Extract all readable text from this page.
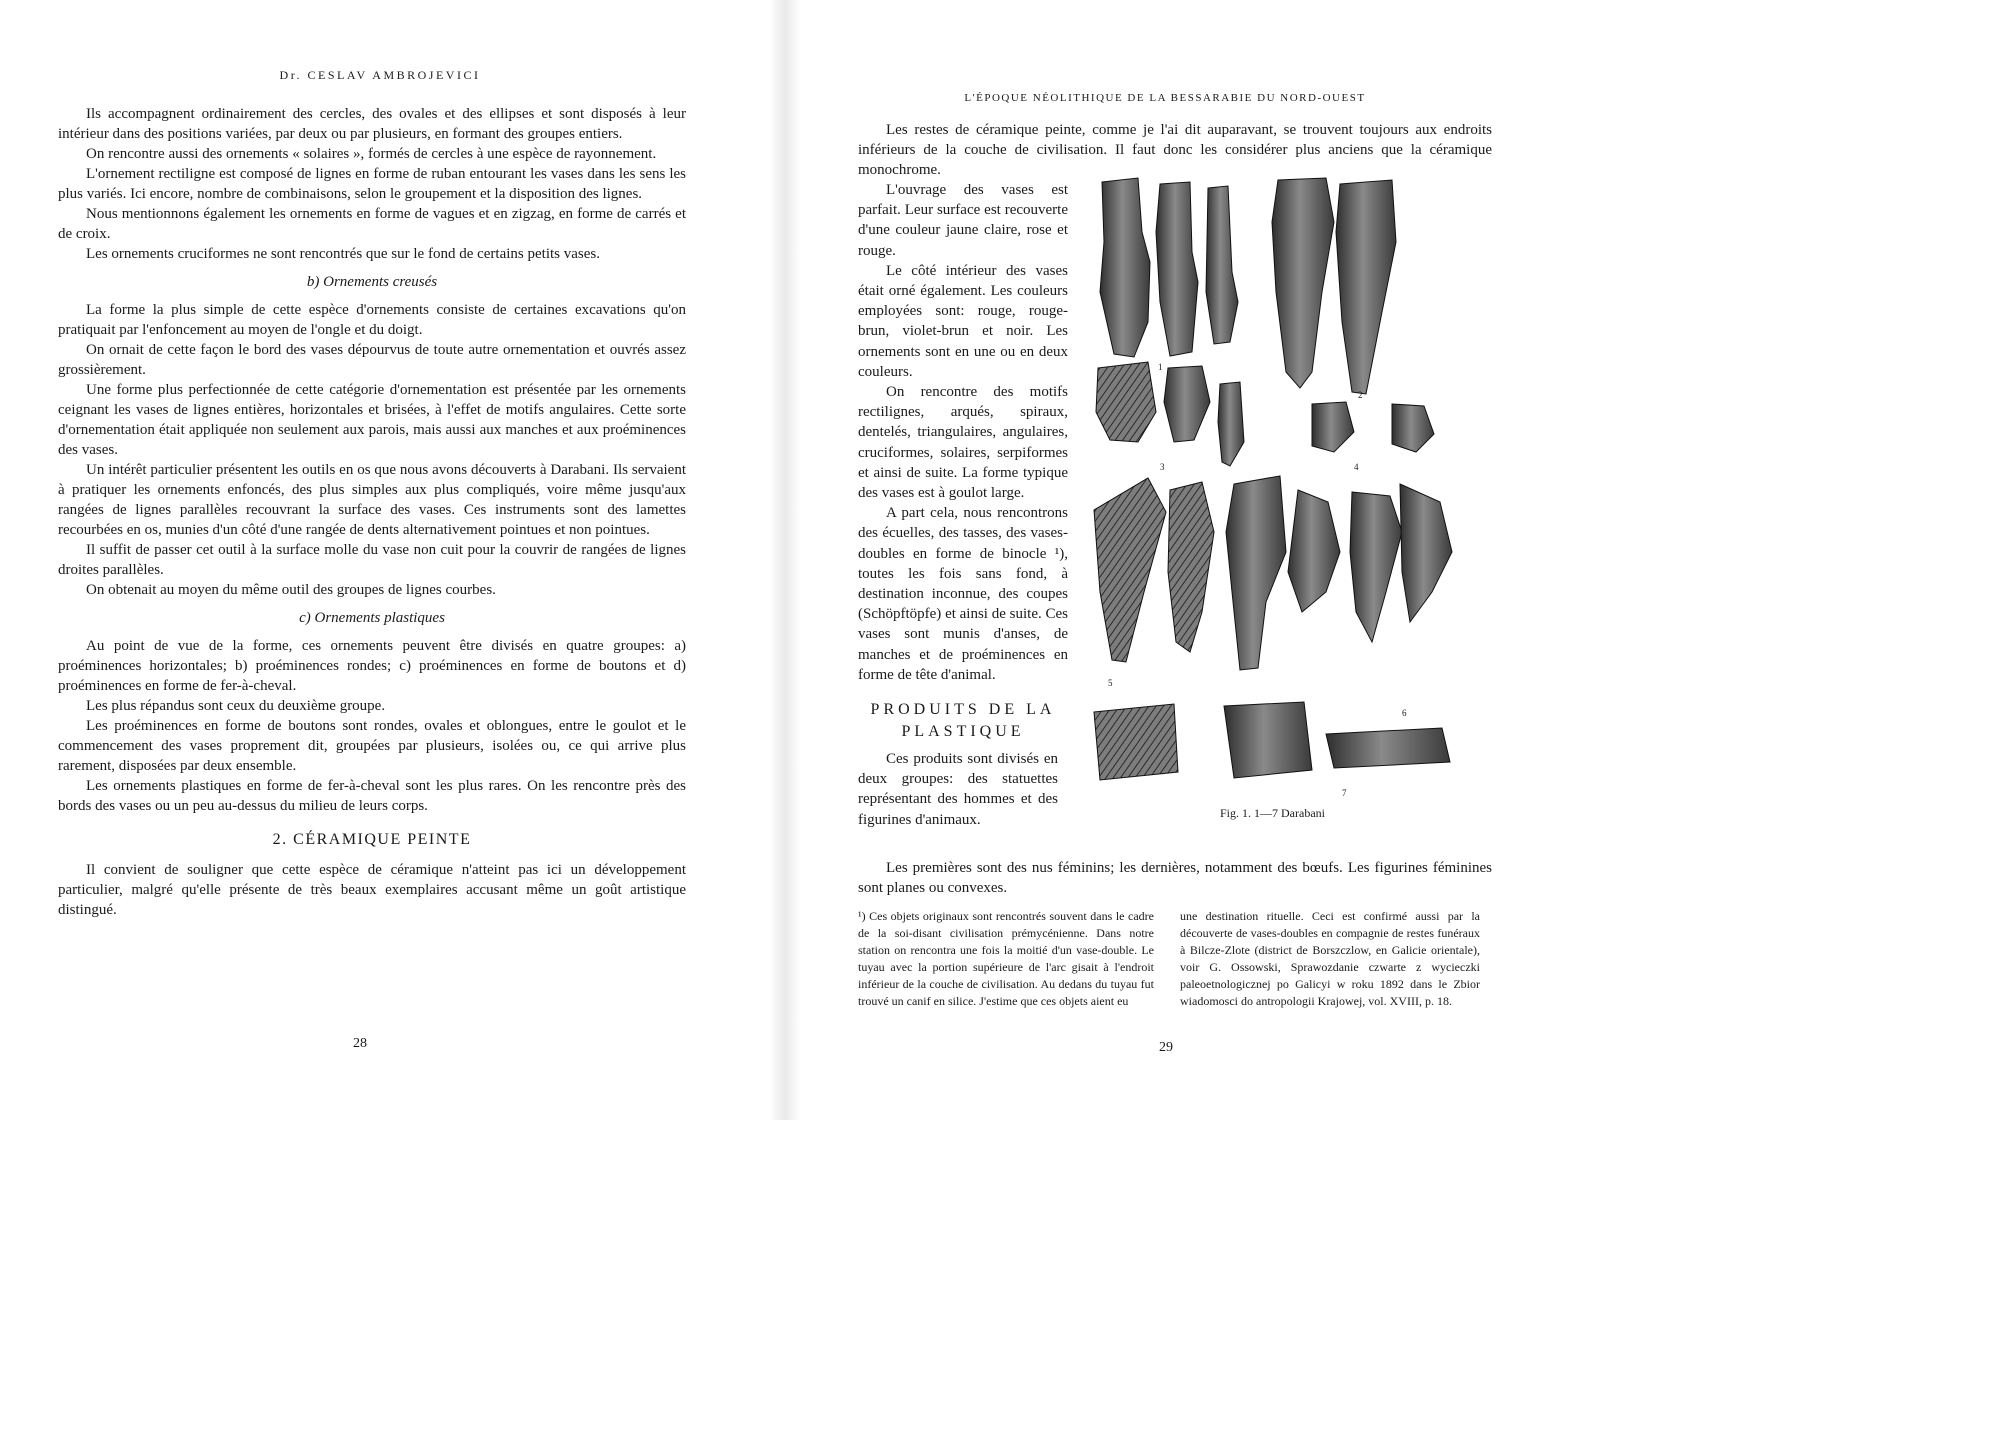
Dr. CESLAV AMBROJEVICI

Ils accompagnent ordinairement des cercles, des ovales et des ellipses et sont disposés à leur intérieur dans des positions variées, par deux ou par plusieurs, en formant des groupes entiers.

On rencontre aussi des ornements « solaires », formés de cercles à une espèce de rayonnement.

L'ornement rectiligne est composé de lignes en forme de ruban entourant les vases dans les sens les plus variés. Ici encore, nombre de combinaisons, selon le groupement et la disposition des lignes.

Nous mentionnons également les ornements en forme de vagues et en zigzag, en forme de carrés et de croix.

Les ornements cruciformes ne sont rencontrés que sur le fond de certains petits vases.

b) Ornements creusés

La forme la plus simple de cette espèce d'ornements consiste de certaines excavations qu'on pratiquait par l'enfoncement au moyen de l'ongle et du doigt.

On ornait de cette façon le bord des vases dépourvus de toute autre ornementation et ouvrés assez grossièrement.

Une forme plus perfectionnée de cette catégorie d'ornementation est présentée par les ornements ceignant les vases de lignes entières, horizontales et brisées, à l'effet de motifs angulaires. Cette sorte d'ornementation était appliquée non seulement aux parois, mais aussi aux manches et aux proéminences des vases.

Un intérêt particulier présentent les outils en os que nous avons découverts à Darabani. Ils servaient à pratiquer les ornements enfoncés, des plus simples aux plus compliqués, voire même jusqu'aux rangées de lignes parallèles recouvrant la surface des vases. Ces instruments sont des lamettes recourbées en os, munies d'un côté d'une rangée de dents alternativement pointues et non pointues.

Il suffit de passer cet outil à la surface molle du vase non cuit pour la couvrir de rangées de lignes droites parallèles.

On obtenait au moyen du même outil des groupes de lignes courbes.

c) Ornements plastiques

Au point de vue de la forme, ces ornements peuvent être divisés en quatre groupes: a) proéminences horizontales; b) proéminences rondes; c) proéminences en forme de boutons et d) proéminences en forme de fer-à-cheval.

Les plus répandus sont ceux du deuxième groupe.

Les proéminences en forme de boutons sont rondes, ovales et oblongues, entre le goulot et le commencement des vases proprement dit, groupées par plusieurs, isolées ou, ce qui arrive plus rarement, disposées par deux ensemble.

Les ornements plastiques en forme de fer-à-cheval sont les plus rares. On les rencontre près des bords des vases ou un peu au-dessus du milieu de leurs corps.

2. CÉRAMIQUE PEINTE

Il convient de souligner que cette espèce de céramique n'atteint pas ici un développement particulier, malgré qu'elle présente de très beaux exemplaires accusant même un goût artistique distingué.

28
L'ÉPOQUE NÉOLITHIQUE DE LA BESSARABIE DU NORD-OUEST

Les restes de céramique peinte, comme je l'ai dit auparavant, se trouvent toujours aux endroits inférieurs de la couche de civilisation. Il faut donc les considérer plus anciens que la céramique monochrome.

L'ouvrage des vases est parfait. Leur surface est recouverte d'une couleur jaune claire, rose et rouge.

Le côté intérieur des vases était orné également. Les couleurs employées sont: rouge, rouge-brun, violet-brun et noir. Les ornements sont en une ou en deux couleurs.

On rencontre des motifs rectilignes, arqués, spiraux, dentelés, triangulaires, angulaires, cruciformes, solaires, serpiformes et ainsi de suite. La forme typique des vases est à goulot large.

A part cela, nous rencontrons des écuelles, des tasses, des vases-doubles en forme de binocle ¹), toutes les fois sans fond, à destination inconnue, des coupes (Schöpftöpfe) et ainsi de suite. Ces vases sont munis d'anses, de manches et de proéminences en forme de tête d'animal.

PRODUITS DE LA
PLASTIQUE

Ces produits sont divisés en deux groupes: des statuettes représentant des hommes et des figurines d'animaux.

Les premières sont des nus féminins; les dernières, notamment des bœufs. Les figurines féminines sont planes ou convexes.

1
2
3	4
5
6
7
Fig. 1. 1—7 Darabani

¹) Ces objets originaux sont rencontrés souvent dans le cadre de la soi-disant civilisation prémycénienne. Dans notre station on rencontra une fois la moitié d'un vase-double. Le tuyau avec la portion supérieure de l'arc gisait à l'endroit inférieur de la couche de civilisation. Au dedans du tuyau fut trouvé un canif en silice. J'estime que ces objets aient eu

une destination rituelle. Ceci est confirmé aussi par la découverte de vases-doubles en compagnie de restes funéraux à Bilcze-Zlote (district de Borszczlow, en Galicie orientale), voir G. Ossowski, Sprawozdanie czwarte z wycieczki paleoetnologicznej po Galicyi w roku 1892 dans le Zbior wiadomosci do antropologii Krajowej, vol. XVIII, p. 18.

29
